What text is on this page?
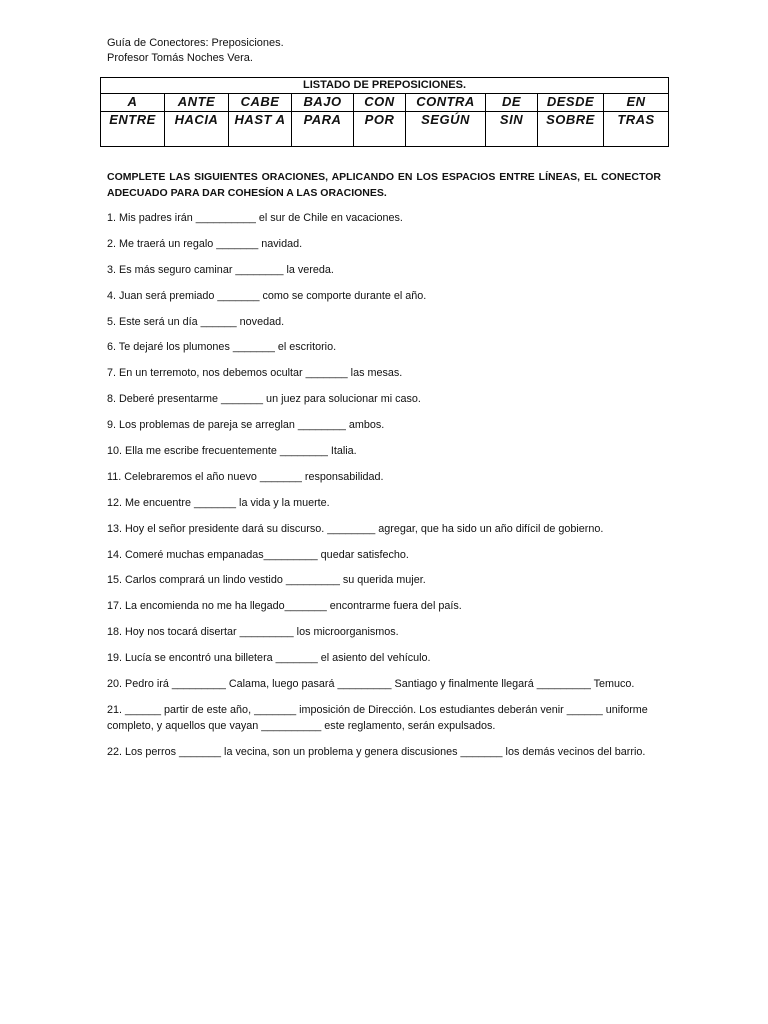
Guía de Conectores: Preposiciones.
Profesor Tomás Noches Vera.
LISTADO DE PREPOSICIONES.								
A	ANTE	CABE	BAJO	CON	CONTRA	DE	DESDE	EN
ENTRE	HACIA	HAST A	PARA	POR	SEGÚN	SIN	SOBRE	TRAS
COMPLETE LAS SIGUIENTES ORACIONES, APLICANDO EN LOS ESPACIOS ENTRE LÍNEAS, EL CONECTOR ADECUADO PARA DAR COHESÍON A LAS ORACIONES.

1. Mis padres irán __________ el sur de Chile en vacaciones.

2. Me traerá un regalo _______ navidad.

3. Es más seguro caminar ________ la vereda.

4. Juan será premiado _______ como se comporte durante el año.

5. Este será un día ______ novedad.

6. Te dejaré los plumones _______ el escritorio.

7. En un terremoto, nos debemos ocultar _______ las mesas.

8. Deberé presentarme _______ un juez para solucionar mi caso.

9. Los problemas de pareja se arreglan ________ ambos.

10. Ella me escribe frecuentemente ________ Italia.

11. Celebraremos el año nuevo _______ responsabilidad.

12. Me encuentre _______ la vida y la muerte.

13. Hoy el señor presidente dará su discurso. ________ agregar, que ha sido un año difícil de gobierno.

14. Comeré muchas empanadas_________ quedar satisfecho.

15. Carlos comprará un lindo vestido _________ su querida mujer.

17. La encomienda no me ha llegado_______ encontrarme fuera del país.

18. Hoy nos tocará disertar _________ los microorganismos.

19. Lucía se encontró una billetera _______ el asiento del vehículo.

20. Pedro irá _________ Calama, luego pasará _________ Santiago y finalmente llegará _________ Temuco.

21. ______ partir de este año, _______ imposición de Dirección. Los estudiantes deberán venir ______ uniforme completo, y aquellos que vayan __________ este reglamento, serán expulsados.

22. Los perros _______ la vecina, son un problema y genera discusiones _______ los demás vecinos del barrio.
